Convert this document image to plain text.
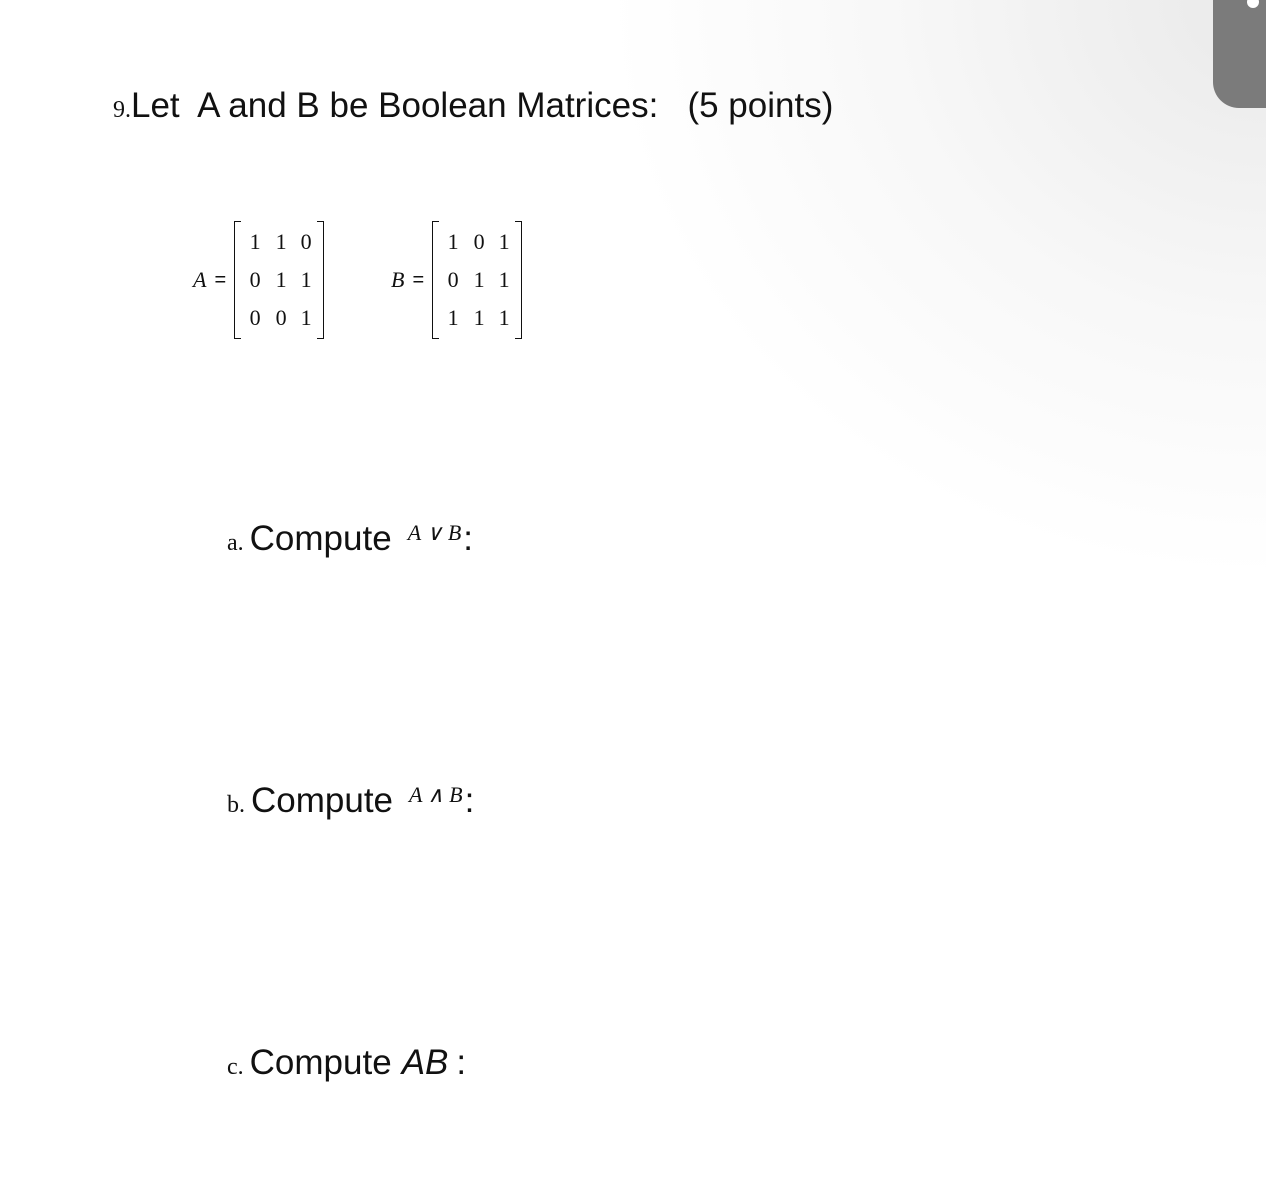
9.Let  A and B be Boolean Matrices:   (5 points)
A =
1 1 0
0 1 1
0 0 1
B =
1 0 1
0 1 1
1 1 1
a. Compute A ∨ B :
b. Compute A ∧ B :
c. Compute AB :
